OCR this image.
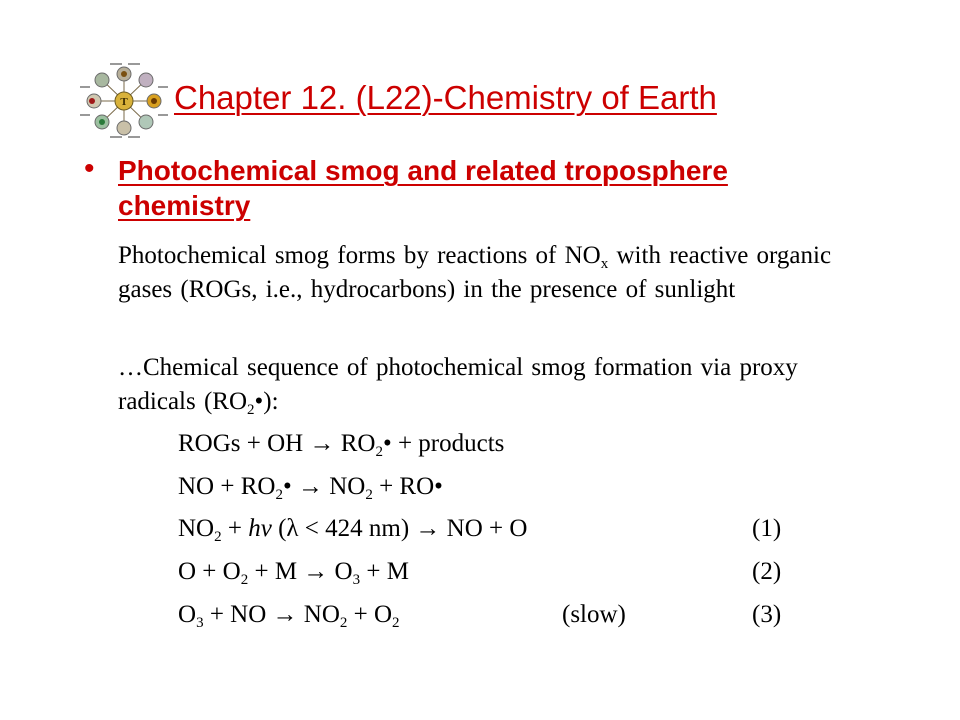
T Chapter 12. (L22)-Chemistry of Earth
• Photochemical smog and related troposphere chemistry
Photochemical smog forms by reactions of $NO_x$ with reactive organic gases (ROGs, i.e., hydrocarbons) in the presence of sunlight
…Chemical sequence of photochemical smog formation via proxy radicals $(RO_2•)$:
ROGs + OH → $RO_2•$ + products
NO + $RO_2• \to NO_2$ + RO•
$NO_2$ + hv (λ < 424 nm) → NO + O	(1)
$O + O_2 + M \to O_3 + M$	(2)
$O_3$ + NO → $NO_2 + O_2$	(slow)	(3)
